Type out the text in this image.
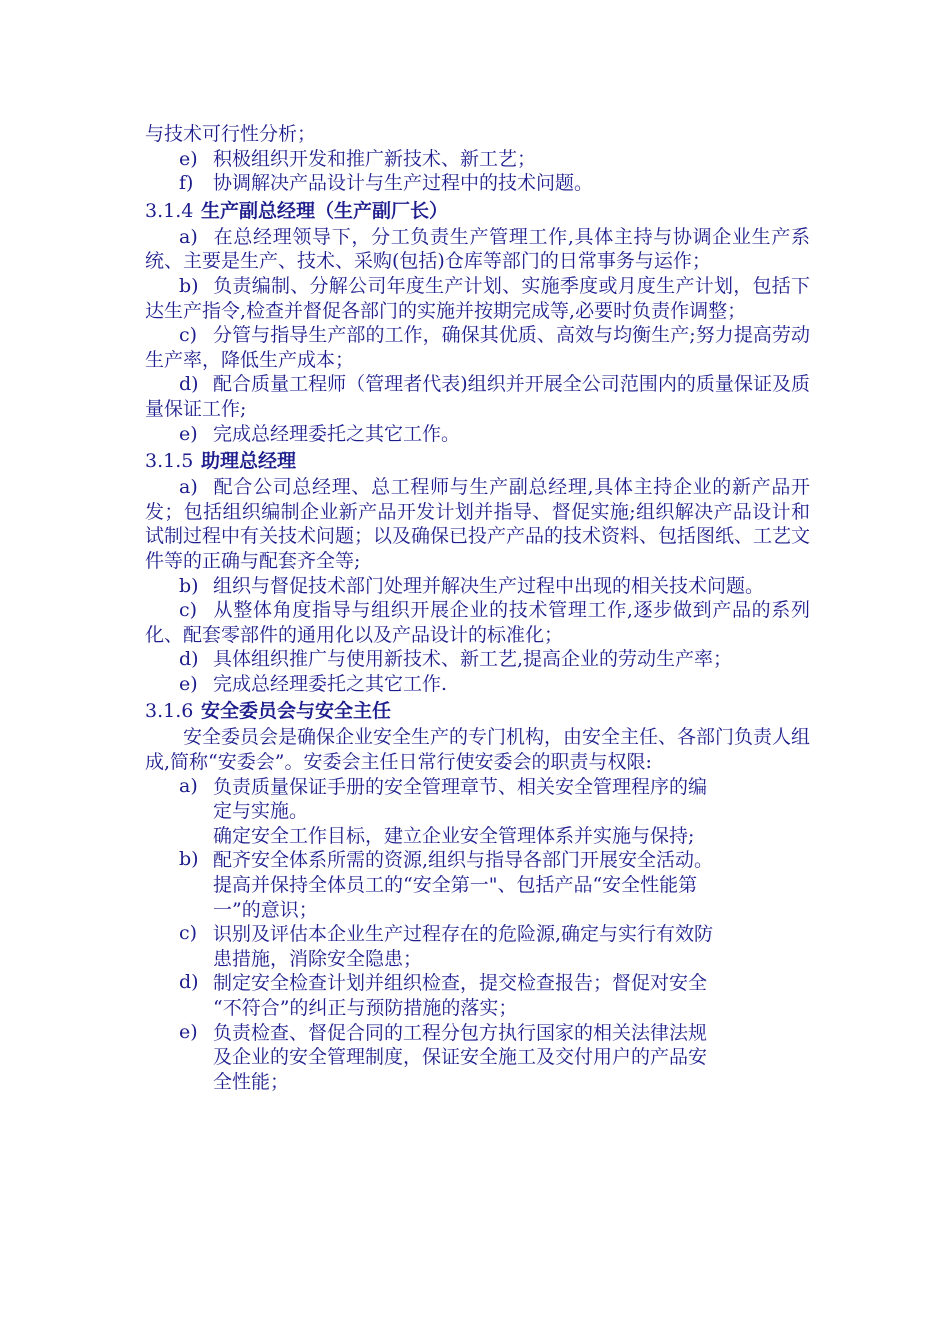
与技术可行性分析；
e) 积极组织开发和推广新技术、新工艺；
f) 协调解决产品设计与生产过程中的技术问题。
3.1.4 生产副总经理（生产副厂长）

a) 在总经理领导下，分工负责生产管理工作,具体主持与协调企业生产系统、主要是生产、技术、采购(包括)仓库等部门的日常事务与运作；

b) 负责编制、分解公司年度生产计划、实施季度或月度生产计划，包括下达生产指令,检查并督促各部门的实施并按期完成等,必要时负责作调整；

c) 分管与指导生产部的工作，确保其优质、高效与均衡生产;努力提高劳动生产率，降低生产成本；

d) 配合质量工程师（管理者代表)组织并开展全公司范围内的质量保证及质量保证工作;

e) 完成总经理委托之其它工作。

3.1.5 助理总经理

a) 配合公司总经理、总工程师与生产副总经理,具体主持企业的新产品开发；包括组织编制企业新产品开发计划并指导、督促实施;组织解决产品设计和试制过程中有关技术问题；以及确保已投产产品的技术资料、包括图纸、工艺文件等的正确与配套齐全等;

b) 组织与督促技术部门处理并解决生产过程中出现的相关技术问题。

c) 从整体角度指导与组织开展企业的技术管理工作,逐步做到产品的系列化、配套零部件的通用化以及产品设计的标准化；

d) 具体组织推广与使用新技术、新工艺,提高企业的劳动生产率；

e) 完成总经理委托之其它工作.

3.1.6 安全委员会与安全主任

安全委员会是确保企业安全生产的专门机构，由安全主任、各部门负责人组成,简称“安委会”。安委会主任日常行使安委会的职责与权限:

a) 负责质量保证手册的安全管理章节、相关安全管理程序的编
定与实施。
确定安全工作目标，建立企业安全管理体系并实施与保持;
b) 配齐安全体系所需的资源,组织与指导各部门开展安全活动。
提高并保持全体员工的“安全第一"、包括产品“安全性能第
一”的意识；
c) 识别及评估本企业生产过程存在的危险源,确定与实行有效防
患措施，消除安全隐患；
d) 制定安全检查计划并组织检查，提交检查报告；督促对安全
“不符合”的纠正与预防措施的落实；
e) 负责检查、督促合同的工程分包方执行国家的相关法律法规
及企业的安全管理制度，保证安全施工及交付用户的产品安
全性能；
